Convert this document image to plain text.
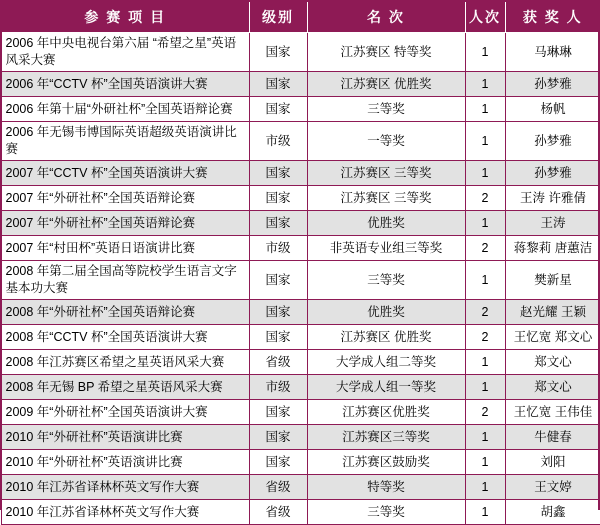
参 赛 项 目	级别	名 次	人次	获 奖 人
2006 年中央电视台第六届 “希望之星”英语风采大赛	国家	江苏赛区 特等奖	1	马琳琳
2006 年“CCTV 杯”全国英语演讲大赛	国家	江苏赛区 优胜奖	1	孙梦雅
2006 年第十届“外研社杯”全国英语辩论赛	国家	三等奖	1	杨帆
2006 年无锡韦博国际英语超级英语演讲比赛	市级	一等奖	1	孙梦雅
2007 年“CCTV 杯”全国英语演讲大赛	国家	江苏赛区 三等奖	1	孙梦雅
2007 年“外研社杯”全国英语辩论赛	国家	江苏赛区 三等奖	2	王涛 许雅倩
2007 年“外研社杯”全国英语辩论赛	国家	优胜奖	1	王涛
2007 年“村田杯”英语日语演讲比赛	市级	非英语专业组三等奖	2	蒋黎莉 唐蕙洁
2008 年第二届全国高等院校学生语言文字基本功大赛	国家	三等奖	1	樊新星
2008 年“外研社杯”全国英语辩论赛	国家	优胜奖	2	赵光耀 王颖
2008 年“CCTV 杯”全国英语演讲大赛	国家	江苏赛区 优胜奖	2	王忆宽 郑文心
2008 年江苏赛区希望之星英语风采大赛	省级	大学成人组二等奖	1	郑文心
2008 年无锡 BP 希望之星英语风采大赛	市级	大学成人组一等奖	1	郑文心
2009 年“外研社杯”全国英语演讲大赛	国家	江苏赛区优胜奖	2	王忆宽 王伟佳
2010 年“外研社杯”英语演讲比赛	国家	江苏赛区三等奖	1	牛健春
2010 年“外研社杯”英语演讲比赛	国家	江苏赛区鼓励奖	1	刘阳
2010 年江苏省译林杯英文写作大赛	省级	特等奖	1	王文婷
2010 年江苏省译林杯英文写作大赛	省级	三等奖	1	胡鑫
